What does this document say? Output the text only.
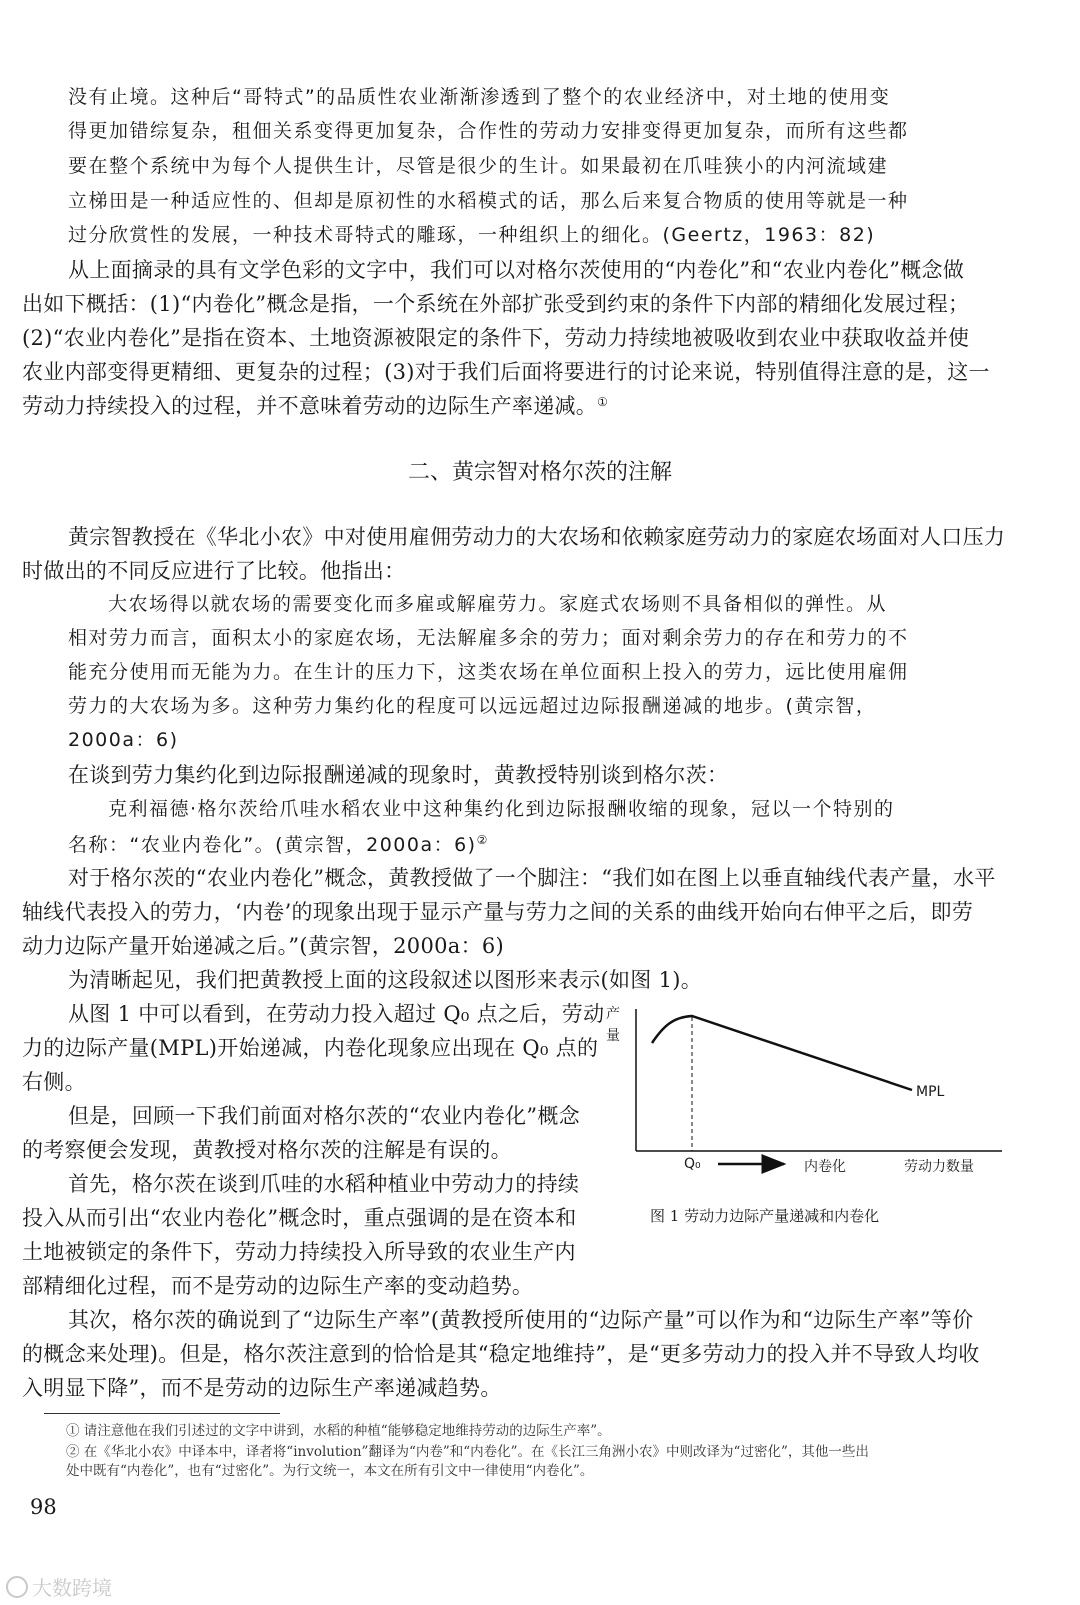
没有止境。这种后“哥特式”的品质性农业渐渐渗透到了整个的农业经济中，对土地的使用变
得更加错综复杂，租佃关系变得更加复杂，合作性的劳动力安排变得更加复杂，而所有这些都
要在整个系统中为每个人提供生计，尽管是很少的生计。如果最初在爪哇狭小的内河流域建
立梯田是一种适应性的、但却是原初性的水稻模式的话，那么后来复合物质的使用等就是一种
过分欣赏性的发展，一种技术哥特式的雕琢，一种组织上的细化。(Geertz，1963：82)
从上面摘录的具有文学色彩的文字中，我们可以对格尔茨使用的“内卷化”和“农业内卷化”概念做
出如下概括：(1)“内卷化”概念是指，一个系统在外部扩张受到约束的条件下内部的精细化发展过程；
(2)“农业内卷化”是指在资本、土地资源被限定的条件下，劳动力持续地被吸收到农业中获取收益并使
农业内部变得更精细、更复杂的过程；(3)对于我们后面将要进行的讨论来说，特别值得注意的是，这一
劳动力持续投入的过程，并不意味着劳动的边际生产率递减。①
二、黄宗智对格尔茨的注解
黄宗智教授在《华北小农》中对使用雇佣劳动力的大农场和依赖家庭劳动力的家庭农场面对人口压力
时做出的不同反应进行了比较。他指出：
大农场得以就农场的需要变化而多雇或解雇劳力。家庭式农场则不具备相似的弹性。从
相对劳力而言，面积太小的家庭农场，无法解雇多余的劳力；面对剩余劳力的存在和劳力的不
能充分使用而无能为力。在生计的压力下，这类农场在单位面积上投入的劳力，远比使用雇佣
劳力的大农场为多。这种劳力集约化的程度可以远远超过边际报酬递减的地步。(黄宗智，
2000a：6)
在谈到劳力集约化到边际报酬递减的现象时，黄教授特别谈到格尔茨：
克利福德·格尔茨给爪哇水稻农业中这种集约化到边际报酬收缩的现象，冠以一个特别的
名称：“农业内卷化”。(黄宗智，2000a：6)②
对于格尔茨的“农业内卷化”概念，黄教授做了一个脚注：“我们如在图上以垂直轴线代表产量，水平
轴线代表投入的劳力，‘内卷’的现象出现于显示产量与劳力之间的关系的曲线开始向右伸平之后，即劳
动力边际产量开始递减之后。”(黄宗智，2000a：6)
为清晰起见，我们把黄教授上面的这段叙述以图形来表示(如图 1)。
从图 1 中可以看到，在劳动力投入超过 Q₀ 点之后，劳动
力的边际产量(MPL)开始递减，内卷化现象应出现在 Q₀ 点的
右侧。
但是，回顾一下我们前面对格尔茨的“农业内卷化”概念
的考察便会发现，黄教授对格尔茨的注解是有误的。
首先，格尔茨在谈到爪哇的水稻种植业中劳动力的持续
投入从而引出“农业内卷化”概念时，重点强调的是在资本和
土地被锁定的条件下，劳动力持续投入所导致的农业生产内
部精细化过程，而不是劳动的边际生产率的变动趋势。
其次，格尔茨的确说到了“边际生产率”(黄教授所使用的“边际产量”可以作为和“边际生产率”等价
的概念来处理)。但是，格尔茨注意到的恰恰是其“稳定地维持”，是“更多劳动力的投入并不导致人均收
入明显下降”，而不是劳动的边际生产率递减趋势。
产
量
MPL
Q₀	内卷化	劳动力数量
图 1 劳动力边际产量递减和内卷化
① 请注意他在我们引述过的文字中讲到，水稻的种植“能够稳定地维持劳动的边际生产率”。
② 在《华北小农》中译本中，译者将“involution”翻译为“内卷”和“内卷化”。在《长江三角洲小农》中则改译为“过密化”，其他一些出
处中既有“内卷化”，也有“过密化”。为行文统一，本文在所有引文中一律使用“内卷化”。
98
大数跨境
